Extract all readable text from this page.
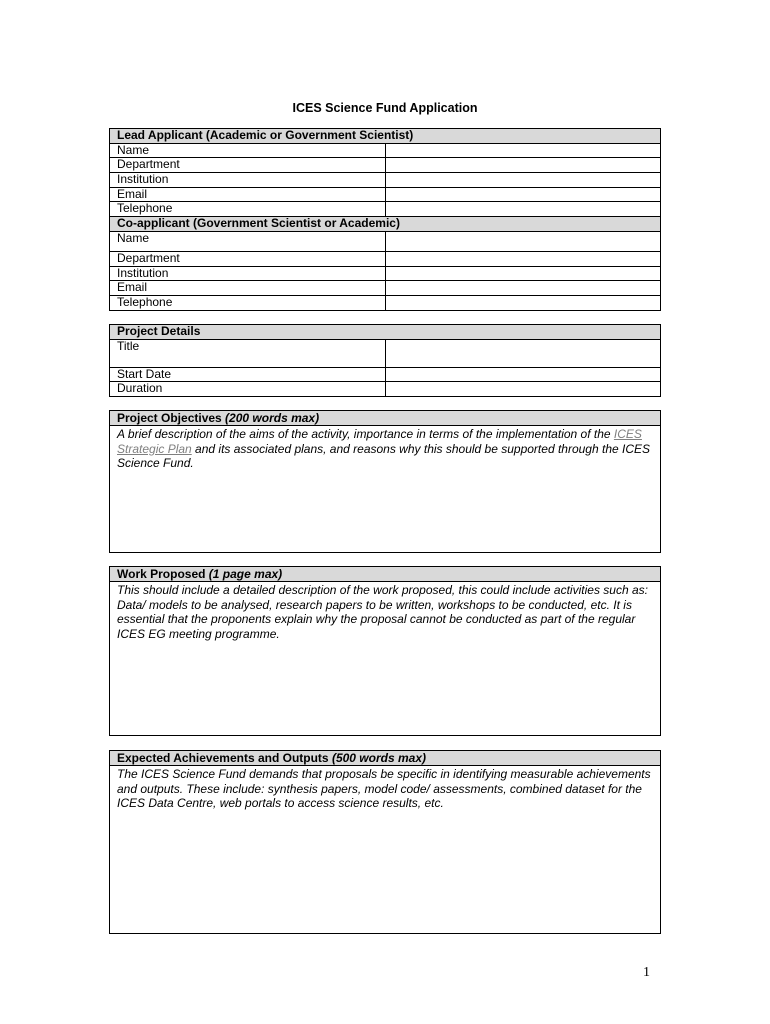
ICES Science Fund Application
Lead Applicant (Academic or Government Scientist)	
Name	
Department	
Institution	
Email	
Telephone	
Co-applicant (Government Scientist or Academic)	
Name	
Department	
Institution	
Email	
Telephone	
Project Details	
Title	
Start Date	
Duration	
Project Objectives (200 words max)
A brief description of the aims of the activity, importance in terms of the implementation of the ICES Strategic Plan and its associated plans, and reasons why this should be supported through the ICES Science Fund.
Work Proposed (1 page max)
This should include a detailed description of the work proposed, this could include activities such as: Data/ models to be analysed, research papers to be written, workshops to be conducted, etc. It is essential that the proponents explain why the proposal cannot be conducted as part of the regular ICES EG meeting programme.
Expected Achievements and Outputs (500 words max)
The ICES Science Fund demands that proposals be specific in identifying measurable achievements and outputs. These include: synthesis papers, model code/ assessments, combined dataset for the ICES Data Centre, web portals to access science results, etc.
1
